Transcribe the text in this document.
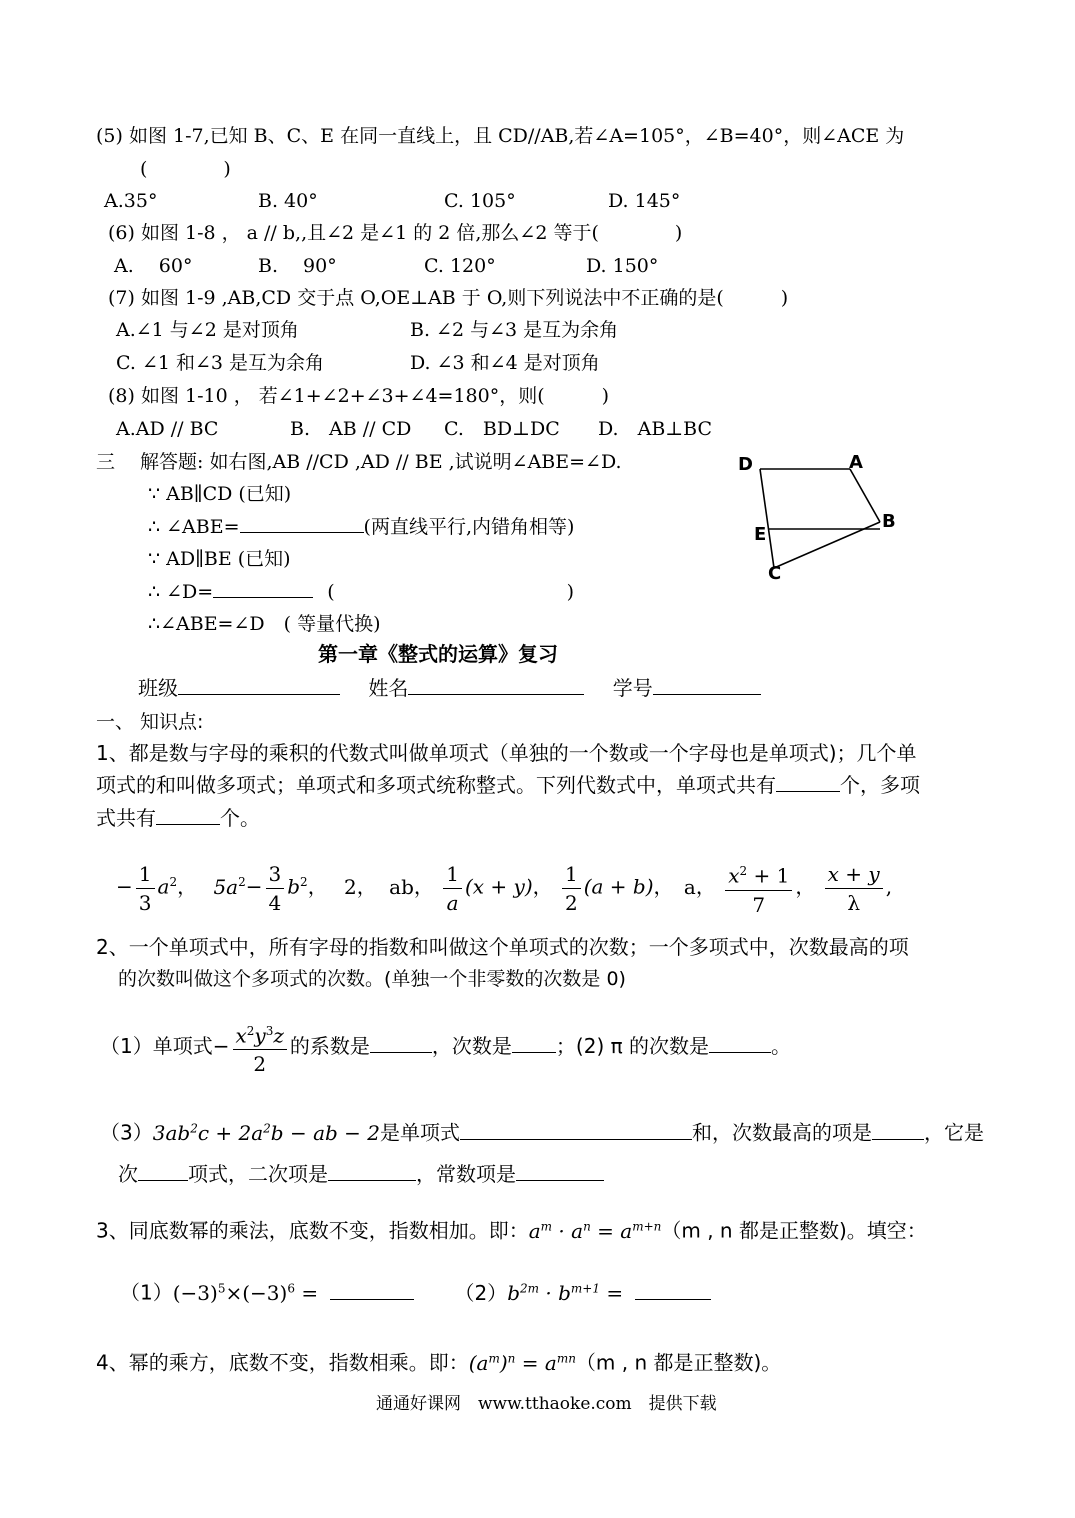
(5) 如图 1-7,已知 B、C、E 在同一直线上，且 CD//AB,若∠A=105°，∠B=40°，则∠ACE 为
(　　　　)
A.35°	B. 40°	C. 105°	D. 145°
(6) 如图 1-8 ， a // b,,且∠2 是∠1 的 2 倍,那么∠2 等于(　　　　)
A.　 60°	B.　 90°	C. 120°	D. 150°
(7) 如图 1-9 ,AB,CD 交于点 O,OE⊥AB 于 O,则下列说法中不正确的是(　　　)
A.∠1 与∠2 是对顶角	B. ∠2 与∠3 是互为余角
C. ∠1 和∠3 是互为余角	D. ∠3 和∠4 是对顶角
(8) 如图 1-10 ， 若∠1+∠2+∠3+∠4=180°，则(　　　)
A.AD // BC	B.　AB // CD C.　BD⊥DC D.　AB⊥BC
三　 解答题: 如右图,AB //CD ,AD // BE ,试说明∠ABE=∠D.
∵ AB∥CD (已知)
∴ ∠ABE=	(两直线平行,内错角相等)
∵ AD∥BE (已知)
∴ ∠D=	(	)
∴∠ABE=∠D　( 等量代换)
D	A
E
B
C
第一章《整式的运算》复习
班级	姓名	学号
一、 知识点:
1、都是数与字母的乘积的代数式叫做单项式（单独的一个数或一个字母也是单项式)；几个单
项式的和叫做多项式；单项式和多项式统称整式。下列代数式中，单项式共有	个，多项
式共有	个。
− $\frac{1}{3} a^2$， $5a^2- \frac{3}{4} b^2$， 2， ab， $\frac{1}{a} (x + y)$， $\frac{1}{2} (a + b)$， a， $\frac{x^2 + 1}{7}$ ， $\frac{x + y}{\lambda}$ ,
2、一个单项式中，所有字母的指数和叫做这个单项式的次数；一个多项式中，次数最高的项
的次数叫做这个多项式的次数。(单独一个非零数的次数是 0)
（1）单项式− $\frac{x^2y^3z}{2}$ 的系数是	，次数是 ；(2) π 的次数是	。
$(3)3ab^2c + 2a^2b$ − ab − 2是单项式	和，次数最高的项是	，它是
次	项式，二次项是	，常数项是
3、同底数幂的乘法，底数不变，指数相加。即：$a^m \cdot a^n = a^{m+n}(m$ , n 都是正整数)。填空：
$(1)(-3)^5\times(-3)^6$ =	$(2)b^{2m} \cdot b^{m+1}$ =
4、幂的乘方，底数不变，指数相乘。即：$(a^m)^n = a^{mn}(m$ , n 都是正整数)。
通通好课网　www.tthaoke.com　提供下载
